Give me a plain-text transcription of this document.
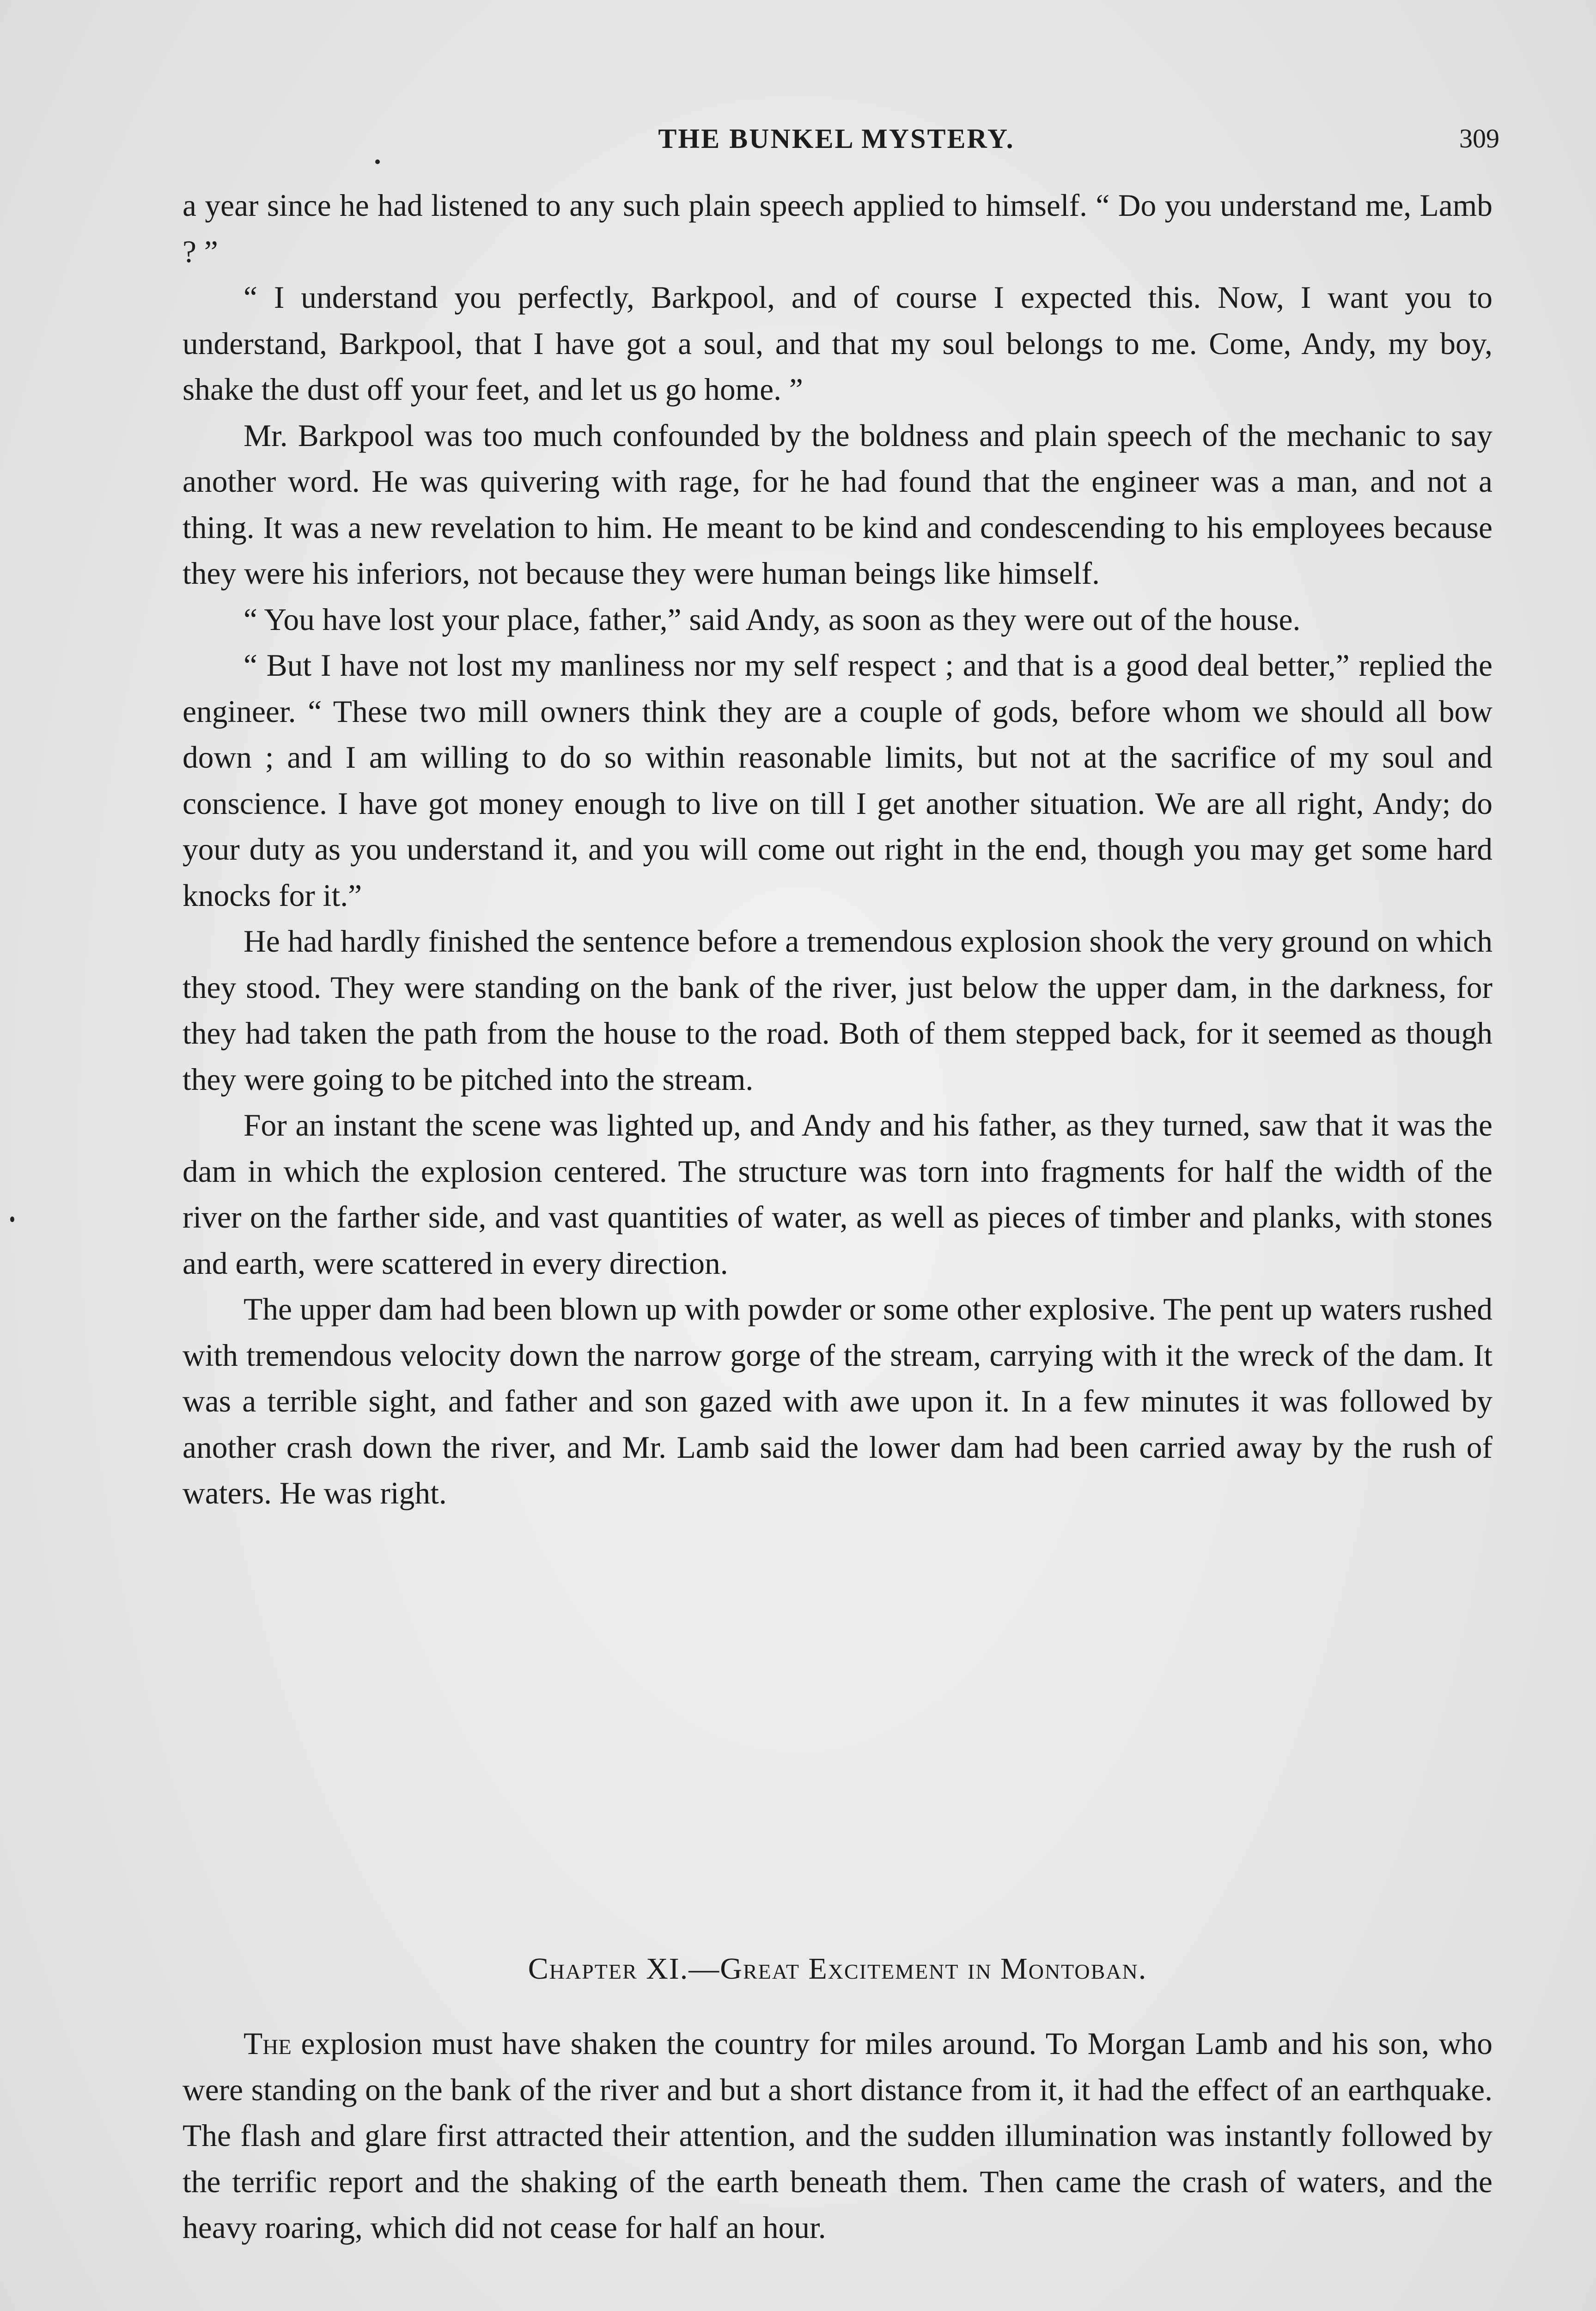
THE BUNKEL MYSTERY.	309

a year since he had listened to any such plain speech applied to himself. “ Do you understand me, Lamb ? ”

“ I understand you perfectly, Barkpool, and of course I expected this. Now, I want you to understand, Barkpool, that I have got a soul, and that my soul belongs to me. Come, Andy, my boy, shake the dust off your feet, and let us go home. ”

Mr. Barkpool was too much confounded by the boldness and plain speech of the mechanic to say another word. He was quivering with rage, for he had found that the engineer was a man, and not a thing. It was a new revelation to him. He meant to be kind and condescending to his employees because they were his inferiors, not because they were human beings like himself.

“ You have lost your place, father,” said Andy, as soon as they were out of the house.

“ But I have not lost my manliness nor my self respect ; and that is a good deal better,” replied the engineer. “ These two mill owners think they are a couple of gods, before whom we should all bow down ; and I am willing to do so within reasonable limits, but not at the sacrifice of my soul and conscience. I have got money enough to live on till I get another situation. We are all right, Andy; do your duty as you understand it, and you will come out right in the end, though you may get some hard knocks for it.”

He had hardly finished the sentence before a tremendous explosion shook the very ground on which they stood. They were standing on the bank of the river, just below the upper dam, in the darkness, for they had taken the path from the house to the road. Both of them stepped back, for it seemed as though they were going to be pitched into the stream.

For an instant the scene was lighted up, and Andy and his father, as they turned, saw that it was the dam in which the explosion centered. The structure was torn into fragments for half the width of the river on the farther side, and vast quantities of water, as well as pieces of timber and planks, with stones and earth, were scattered in every direction.

The upper dam had been blown up with powder or some other explosive. The pent up waters rushed with tremendous velocity down the narrow gorge of the stream, carrying with it the wreck of the dam. It was a terrible sight, and father and son gazed with awe upon it. In a few minutes it was followed by another crash down the river, and Mr. Lamb said the lower dam had been carried away by the rush of waters. He was right.

Chapter XI.—Great Excitement in Montoban.

The explosion must have shaken the country for miles around. To Morgan Lamb and his son, who were standing on the bank of the river and but a short distance from it, it had the effect of an earthquake. The flash and glare first attracted their attention, and the sudden illumination was instantly followed by the terrific report and the shaking of the earth beneath them. Then came the crash of waters, and the heavy roaring, which did not cease for half an hour.
